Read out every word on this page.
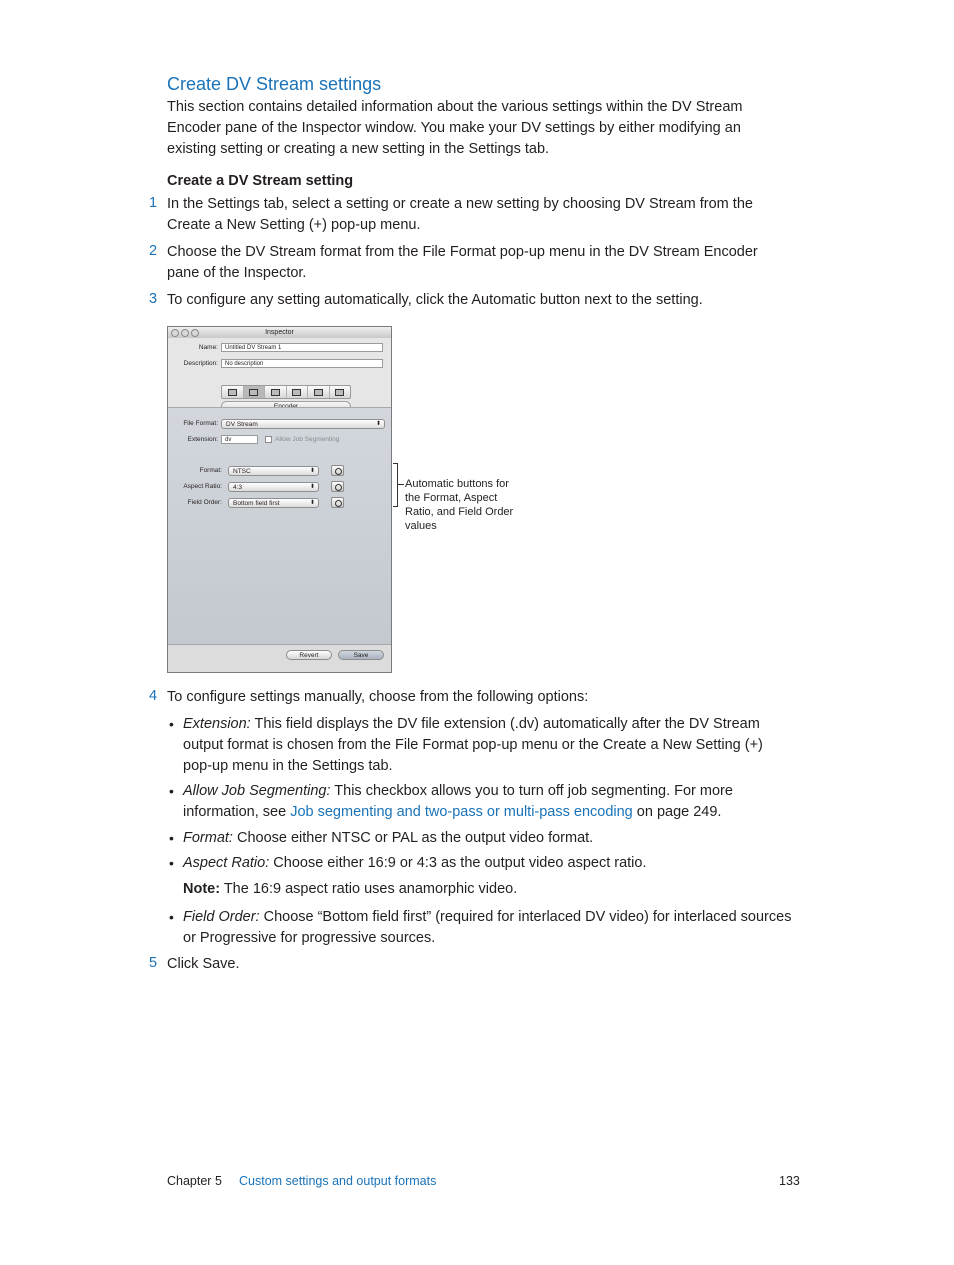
Create DV Stream settings
This section contains detailed information about the various settings within the DV Stream Encoder pane of the Inspector window. You make your DV settings by either modifying an existing setting or creating a new setting in the Settings tab.
Create a DV Stream setting
1 In the Settings tab, select a setting or create a new setting by choosing DV Stream from the Create a New Setting (+) pop-up menu.
2 Choose the DV Stream format from the File Format pop-up menu in the DV Stream Encoder pane of the Inspector.
3 To configure any setting automatically, click the Automatic button next to the setting.
Inspector
Name:	Untitled DV Stream 1
Description:	No description
File Format:	DV Stream	⬍
Extension:	dv	Allow Job Segmenting
Format:	NTSC	⬍
Aspect Ratio:	4:3	⬍
Field Order:	Bottom field first	⬍
Revert	Save
Automatic buttons for the Format, Aspect Ratio, and Field Order values
4 To configure settings manually, choose from the following options:
• Extension: This field displays the DV file extension (.dv) automatically after the DV Stream output format is chosen from the File Format pop-up menu or the Create a New Setting (+) pop-up menu in the Settings tab.
• Allow Job Segmenting: This checkbox allows you to turn off job segmenting. For more information, see Job segmenting and two-pass or multi-pass encoding on page 249.
• Format: Choose either NTSC or PAL as the output video format.
• Aspect Ratio: Choose either 16:9 or 4:3 as the output video aspect ratio.
Note: The 16:9 aspect ratio uses anamorphic video.
• Field Order: Choose “Bottom field first” (required for interlaced DV video) for interlaced sources or Progressive for progressive sources.
5 Click Save.
Chapter 5 Custom settings and output formats	133
